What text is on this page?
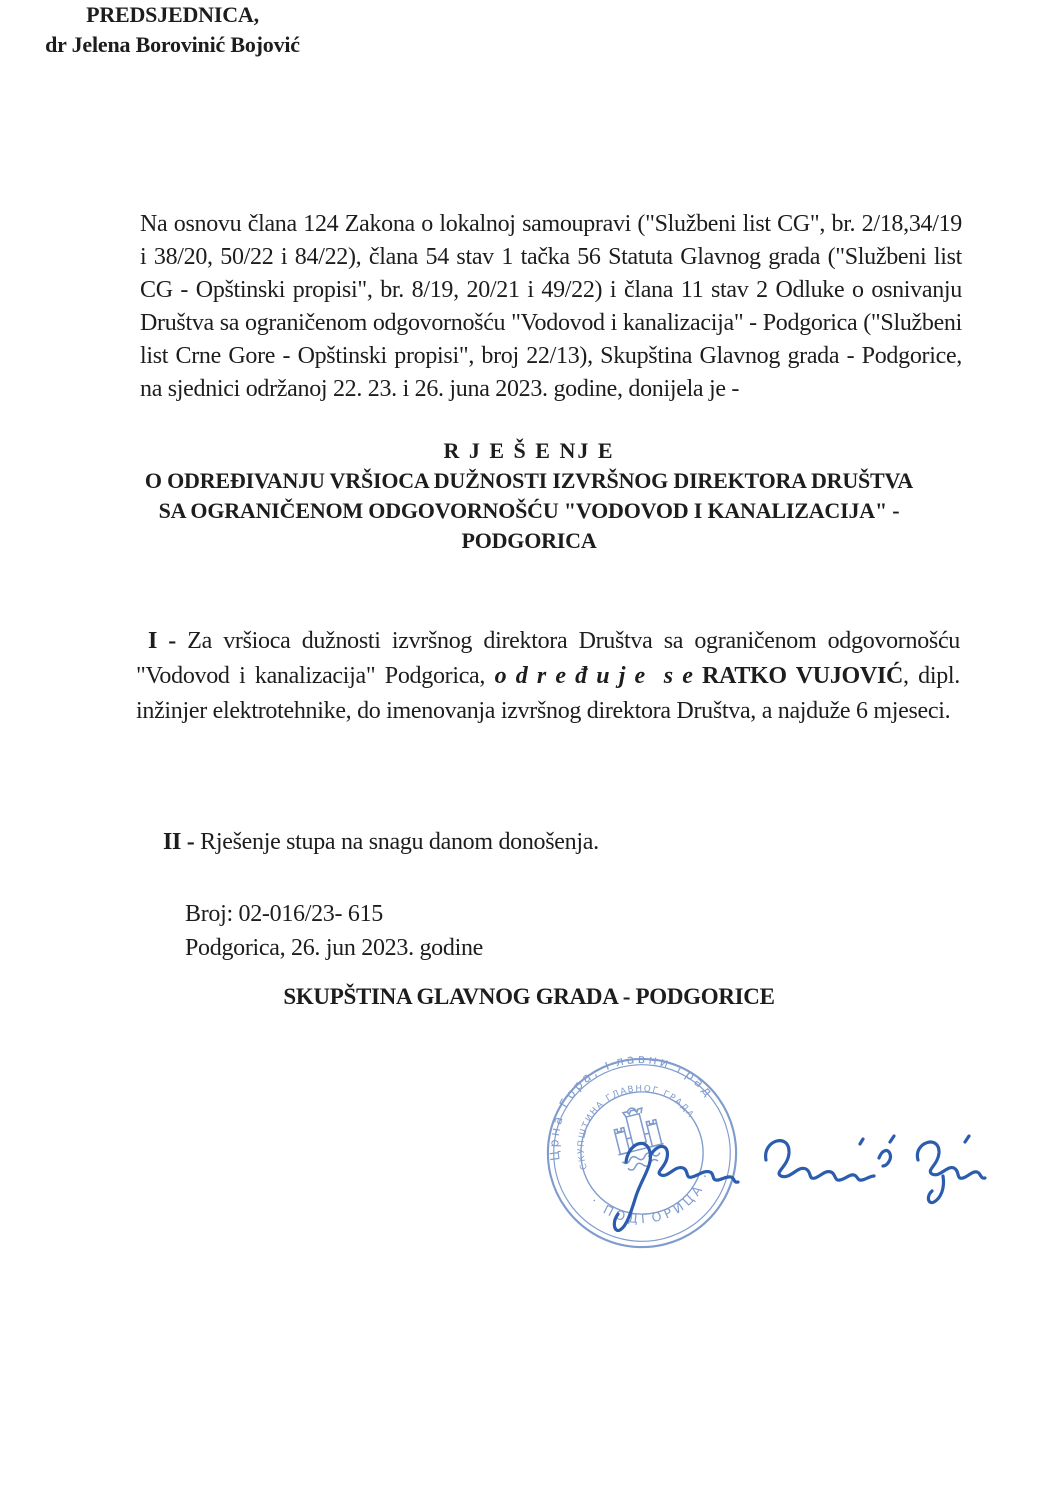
Na osnovu člana 124 Zakona o lokalnoj samoupravi ("Službeni list CG", br. 2/18,34/19 i 38/20, 50/22 i 84/22), člana 54 stav 1 tačka 56 Statuta Glavnog grada ("Službeni list CG - Opštinski propisi", br. 8/19, 20/21 i 49/22) i člana 11 stav 2 Odluke o osnivanju Društva sa ograničenom odgovornošću "Vodovod i kanalizacija" - Podgorica ("Službeni list Crne Gore - Opštinski propisi", broj 22/13), Skupština Glavnog grada - Podgorice, na sjednici održanoj 22. 23. i 26. juna 2023. godine, donijela je -

R J E Š E NJ E
O ODREĐIVANJU VRŠIOCA DUŽNOSTI IZVRŠNOG DIREKTORA DRUŠTVA
SA OGRANIČENOM ODGOVORNOŠĆU "VODOVOD I KANALIZACIJA" -
PODGORICA

I - Za vršioca dužnosti izvršnog direktora Društva sa ograničenom odgovornošću "Vodovod i kanalizacija" Podgorica, o d r e đ u j e  s e RATKO VUJOVIĆ, dipl. inžinjer elektrotehnike, do imenovanja izvršnog direktora Društva, a najduže 6 mjeseci.

II - Rješenje stupa na snagu danom donošenja.

Broj: 02-016/23- 615
Podgorica, 26. jun 2023. godine
SKUPŠTINA GLAVNOG GRADA - PODGORICE
PREDSJEDNICA,
dr Jelena Borovinić Bojović
Црна Гора, Главни град
· ПОДГОРИЦА ·
СКУПШТИНА ГЛАВНОГ ГРАДА
